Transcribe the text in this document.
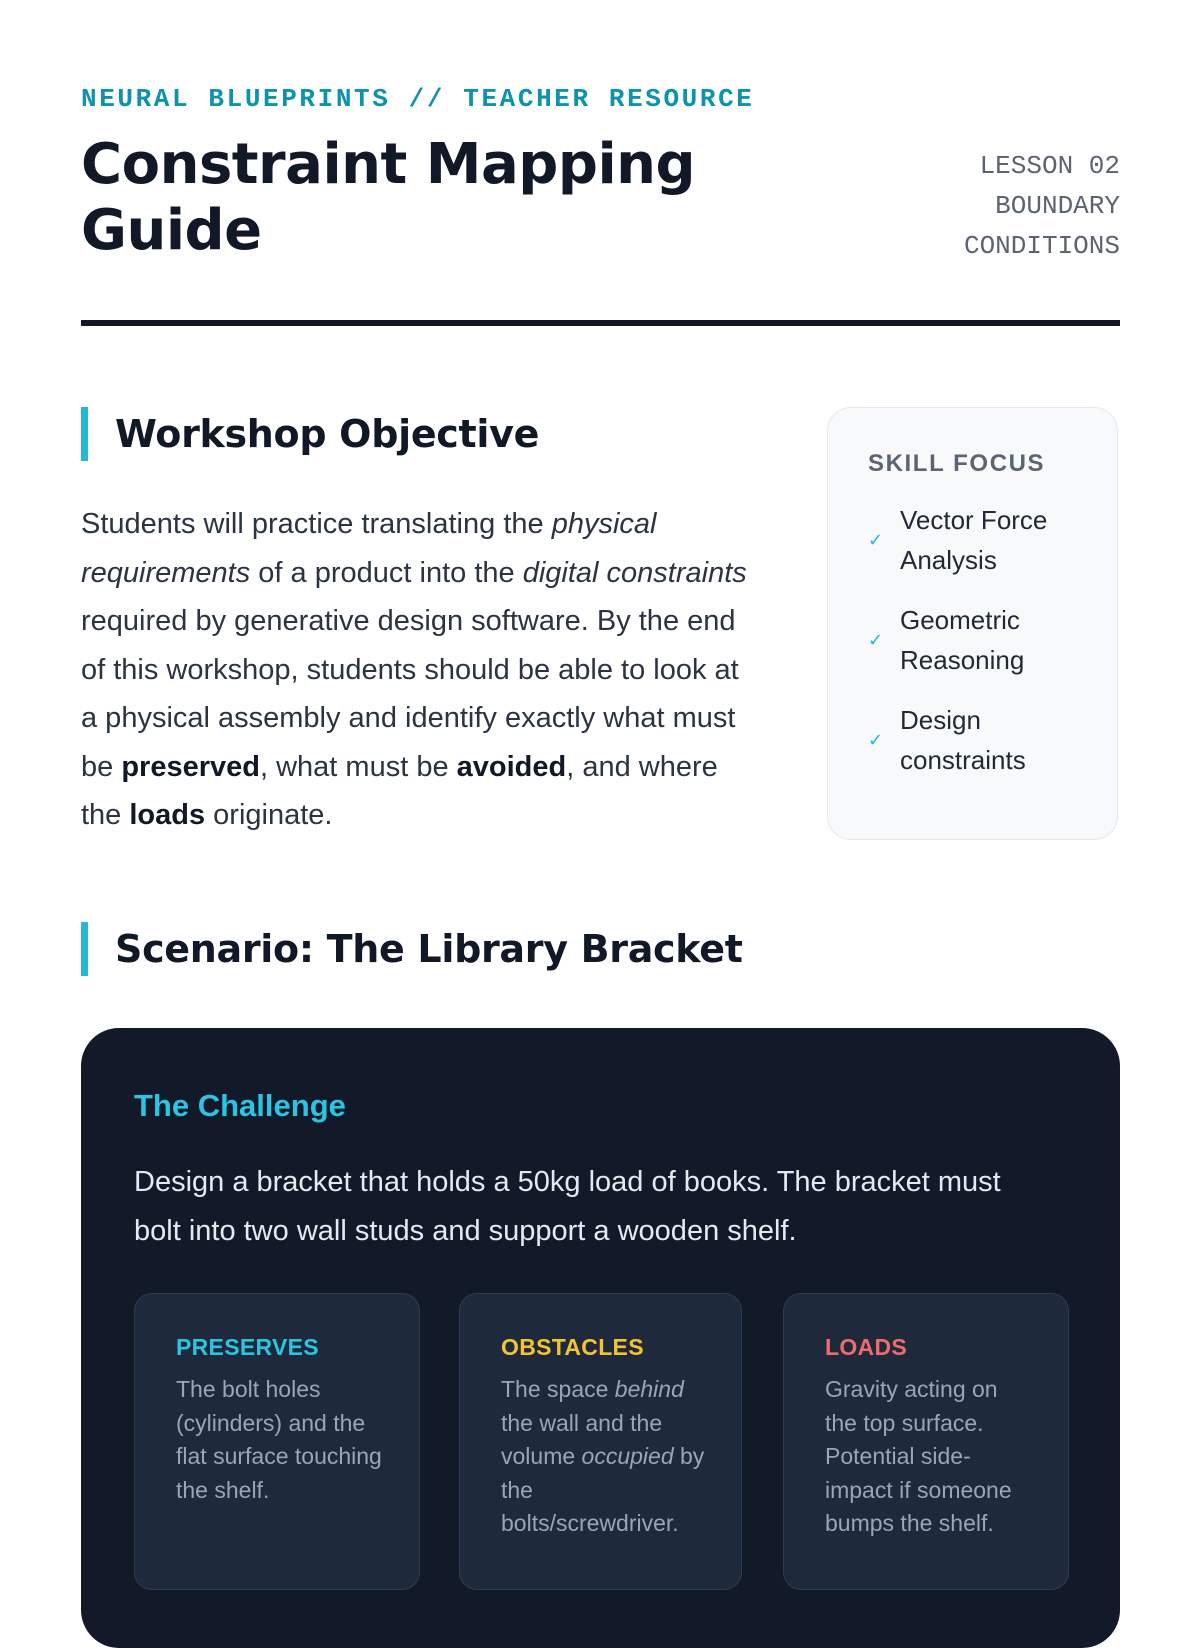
NEURAL BLUEPRINTS // TEACHER RESOURCE
Constraint Mapping Guide
LESSON 02
BOUNDARY
CONDITIONS
Workshop Objective

Students will practice translating the physical requirements of a product into the digital constraints required by generative design software. By the end of this workshop, students should be able to look at a physical assembly and identify exactly what must be preserved, what must be avoided, and where the loads originate.

SKILL FOCUS
✓
Vector Force Analysis
✓
Geometric Reasoning
✓
Design constraints
Scenario: The Library Bracket
The Challenge

Design a bracket that holds a 50kg load of books. The bracket must bolt into two wall studs and support a wooden shelf.

PRESERVES

The bolt holes (cylinders) and the flat surface touching the shelf.

OBSTACLES

The space behind the wall and the volume occupied by the bolts/screwdriver.

LOADS

Gravity acting on the top surface. Potential side-impact if someone bumps the shelf.
